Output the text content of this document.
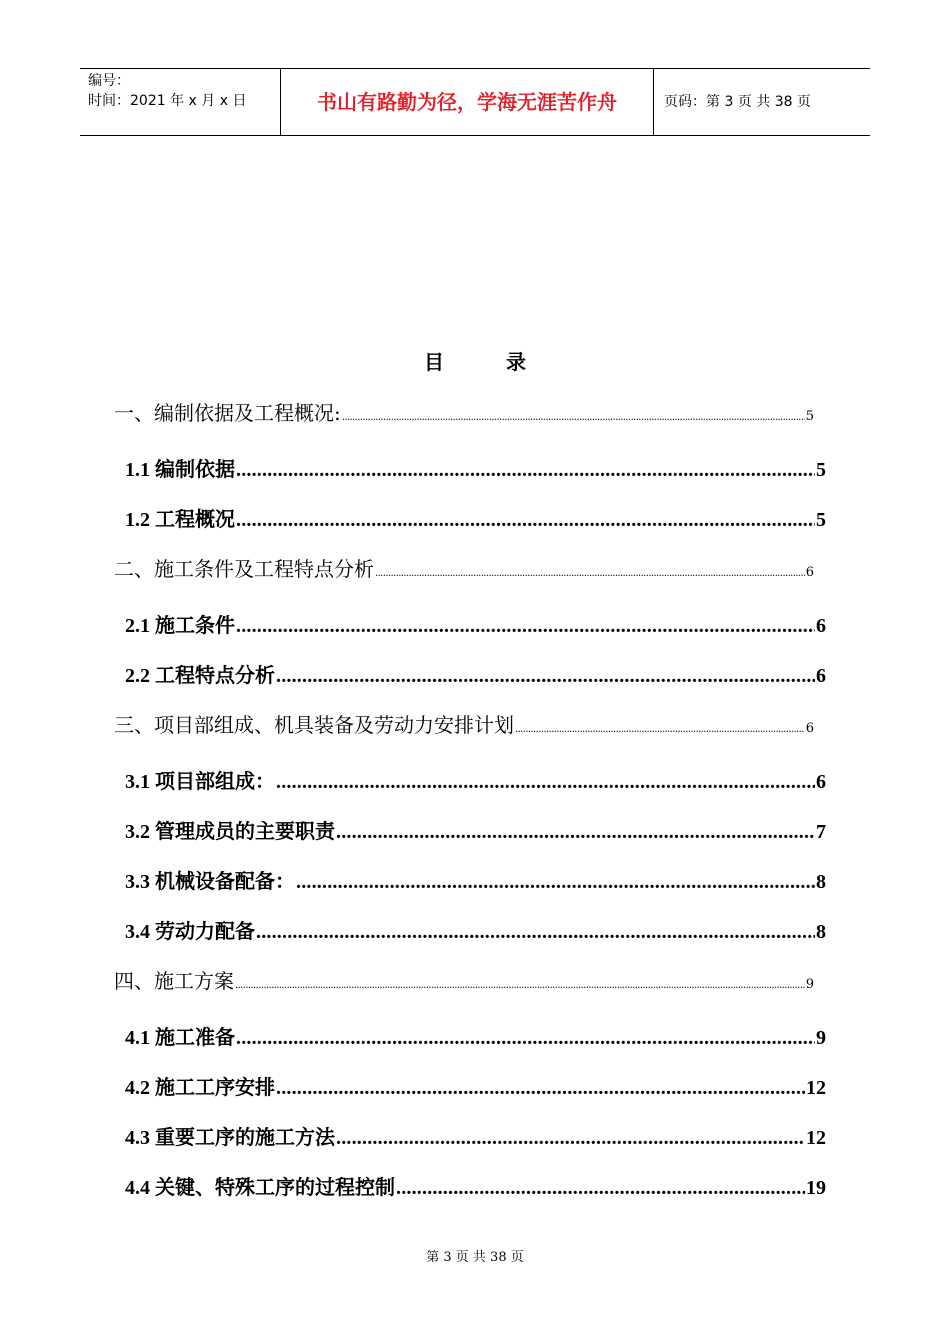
编号：
时间：2021 年 x 月 x 日	书山有路勤为径，学海无涯苦作舟	页码：第 3 页 共 38 页
目	录
一、编制依据及工程概况: .....	5
1.1 编制依据 .....	5
1.2 工程概况 .....	5
二、施工条件及工程特点分析 .....	6
2.1 施工条件 .....	6
2.2 工程特点分析 .....	6
三、项目部组成、机具装备及劳动力安排计划 .....	6
3.1 项目部组成： .....	6
3.2 管理成员的主要职责 .....	7
3.3 机械设备配备： .....	8
3.4 劳动力配备 .....	8
四、施工方案 .....	9
4.1 施工准备 .....	9
4.2 施工工序安排 .....	12
4.3 重要工序的施工方法 .....	12
4.4 关键、特殊工序的过程控制 .....	19
第 3 页 共 38 页
